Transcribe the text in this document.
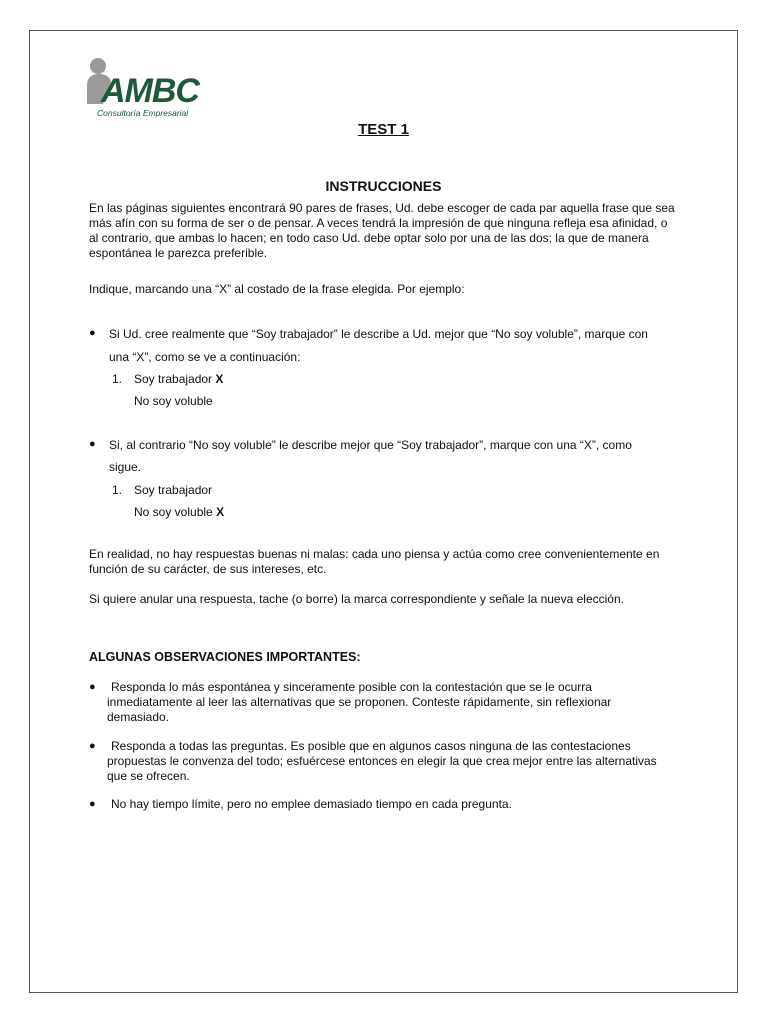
AMBC
Consultoría Empresarial
TEST 1
INSTRUCCIONES
En las páginas siguientes encontrará 90 pares de frases, Ud. debe escoger de cada par aquella frase que sea
más afín con su forma de ser o de pensar. A veces tendrá la impresión de que ninguna refleja esa afinidad, o
al contrario, que ambas lo hacen; en todo caso Ud. debe optar solo por una de las dos; la que de manera
espontánea le parezca preferible.
Indique, marcando una “X” al costado de la frase elegida. Por ejemplo:
● Si Ud. cree realmente que “Soy trabajador” le describe a Ud. mejor que “No soy voluble”, marque con
una “X”, como se ve a continuación:
1. Soy trabajador X
No soy voluble
● Si, al contrario “No soy voluble” le describe mejor que “Soy trabajador”, marque con una “X”, como
sigue.
1. Soy trabajador
No soy voluble X
En realidad, no hay respuestas buenas ni malas: cada uno piensa y actúa como cree convenientemente en
función de su carácter, de sus intereses, etc.
Si quiere anular una respuesta, tache (o borre) la marca correspondiente y señale la nueva elección.
ALGUNAS OBSERVACIONES IMPORTANTES:
●	Responda lo más espontánea y sinceramente posible con la contestación que se le ocurra
inmediatamente al leer las alternativas que se proponen. Conteste rápidamente, sin reflexionar
demasiado.
●	Responda a todas las preguntas. Es posible que en algunos casos ninguna de las contestaciones
propuestas le convenza del todo; esfuércese entonces en elegir la que crea mejor entre las alternativas
que se ofrecen.
●	No hay tiempo límite, pero no emplee demasiado tiempo en cada pregunta.
